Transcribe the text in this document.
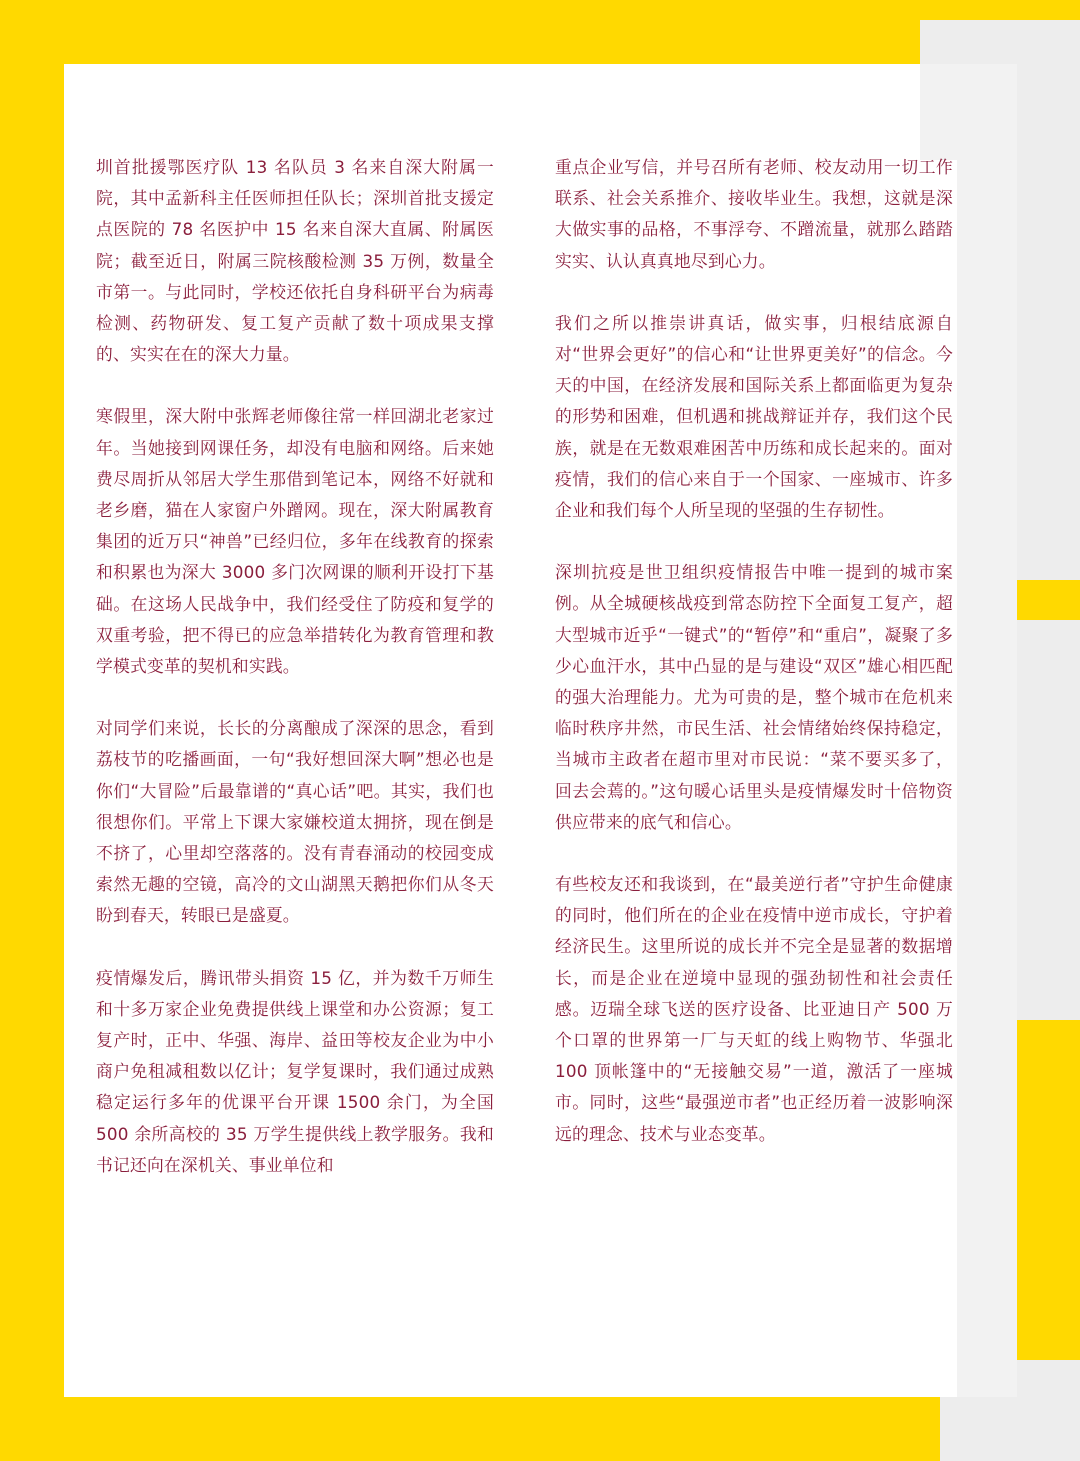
圳首批援鄂医疗队 13 名队员 3 名来自深大附属一院，其中孟新科主任医师担任队长；深圳首批支援定点医院的 78 名医护中 15 名来自深大直属、附属医院；截至近日，附属三院核酸检测 35 万例，数量全市第一。与此同时，学校还依托自身科研平台为病毒检测、药物研发、复工复产贡献了数十项成果支撑的、实实在在的深大力量。

寒假里，深大附中张辉老师像往常一样回湖北老家过年。当她接到网课任务，却没有电脑和网络。后来她费尽周折从邻居大学生那借到笔记本，网络不好就和老乡磨，猫在人家窗户外蹭网。现在，深大附属教育集团的近万只“神兽”已经归位，多年在线教育的探索和积累也为深大 3000 多门次网课的顺利开设打下基础。在这场人民战争中，我们经受住了防疫和复学的双重考验，把不得已的应急举措转化为教育管理和教学模式变革的契机和实践。

对同学们来说，长长的分离酿成了深深的思念，看到荔枝节的吃播画面，一句“我好想回深大啊”想必也是你们“大冒险”后最靠谱的“真心话”吧。其实，我们也很想你们。平常上下课大家嫌校道太拥挤，现在倒是不挤了，心里却空落落的。没有青春涌动的校园变成索然无趣的空镜，高冷的文山湖黑天鹅把你们从冬天盼到春天，转眼已是盛夏。

疫情爆发后，腾讯带头捐资 15 亿，并为数千万师生和十多万家企业免费提供线上课堂和办公资源；复工复产时，正中、华强、海岸、益田等校友企业为中小商户免租减租数以亿计；复学复课时，我们通过成熟稳定运行多年的优课平台开课 1500 余门，为全国 500 余所高校的 35 万学生提供线上教学服务。我和书记还向在深机关、事业单位和

重点企业写信，并号召所有老师、校友动用一切工作联系、社会关系推介、接收毕业生。我想，这就是深大做实事的品格，不事浮夸、不蹭流量，就那么踏踏实实、认认真真地尽到心力。

我们之所以推崇讲真话，做实事，归根结底源自对“世界会更好”的信心和“让世界更美好”的信念。今天的中国，在经济发展和国际关系上都面临更为复杂的形势和困难，但机遇和挑战辩证并存，我们这个民族，就是在无数艰难困苦中历练和成长起来的。面对疫情，我们的信心来自于一个国家、一座城市、许多企业和我们每个人所呈现的坚强的生存韧性。

深圳抗疫是世卫组织疫情报告中唯一提到的城市案例。从全城硬核战疫到常态防控下全面复工复产，超大型城市近乎“一键式”的“暂停”和“重启”，凝聚了多少心血汗水，其中凸显的是与建设“双区”雄心相匹配的强大治理能力。尤为可贵的是，整个城市在危机来临时秩序井然，市民生活、社会情绪始终保持稳定，当城市主政者在超市里对市民说：“菜不要买多了，回去会蔫的。”这句暖心话里头是疫情爆发时十倍物资供应带来的底气和信心。

有些校友还和我谈到，在“最美逆行者”守护生命健康的同时，他们所在的企业在疫情中逆市成长，守护着经济民生。这里所说的成长并不完全是显著的数据增长，而是企业在逆境中显现的强劲韧性和社会责任感。迈瑞全球飞送的医疗设备、比亚迪日产 500 万个口罩的世界第一厂与天虹的线上购物节、华强北 100 顶帐篷中的“无接触交易”一道，激活了一座城市。同时，这些“最强逆市者”也正经历着一波影响深远的理念、技术与业态变革。
